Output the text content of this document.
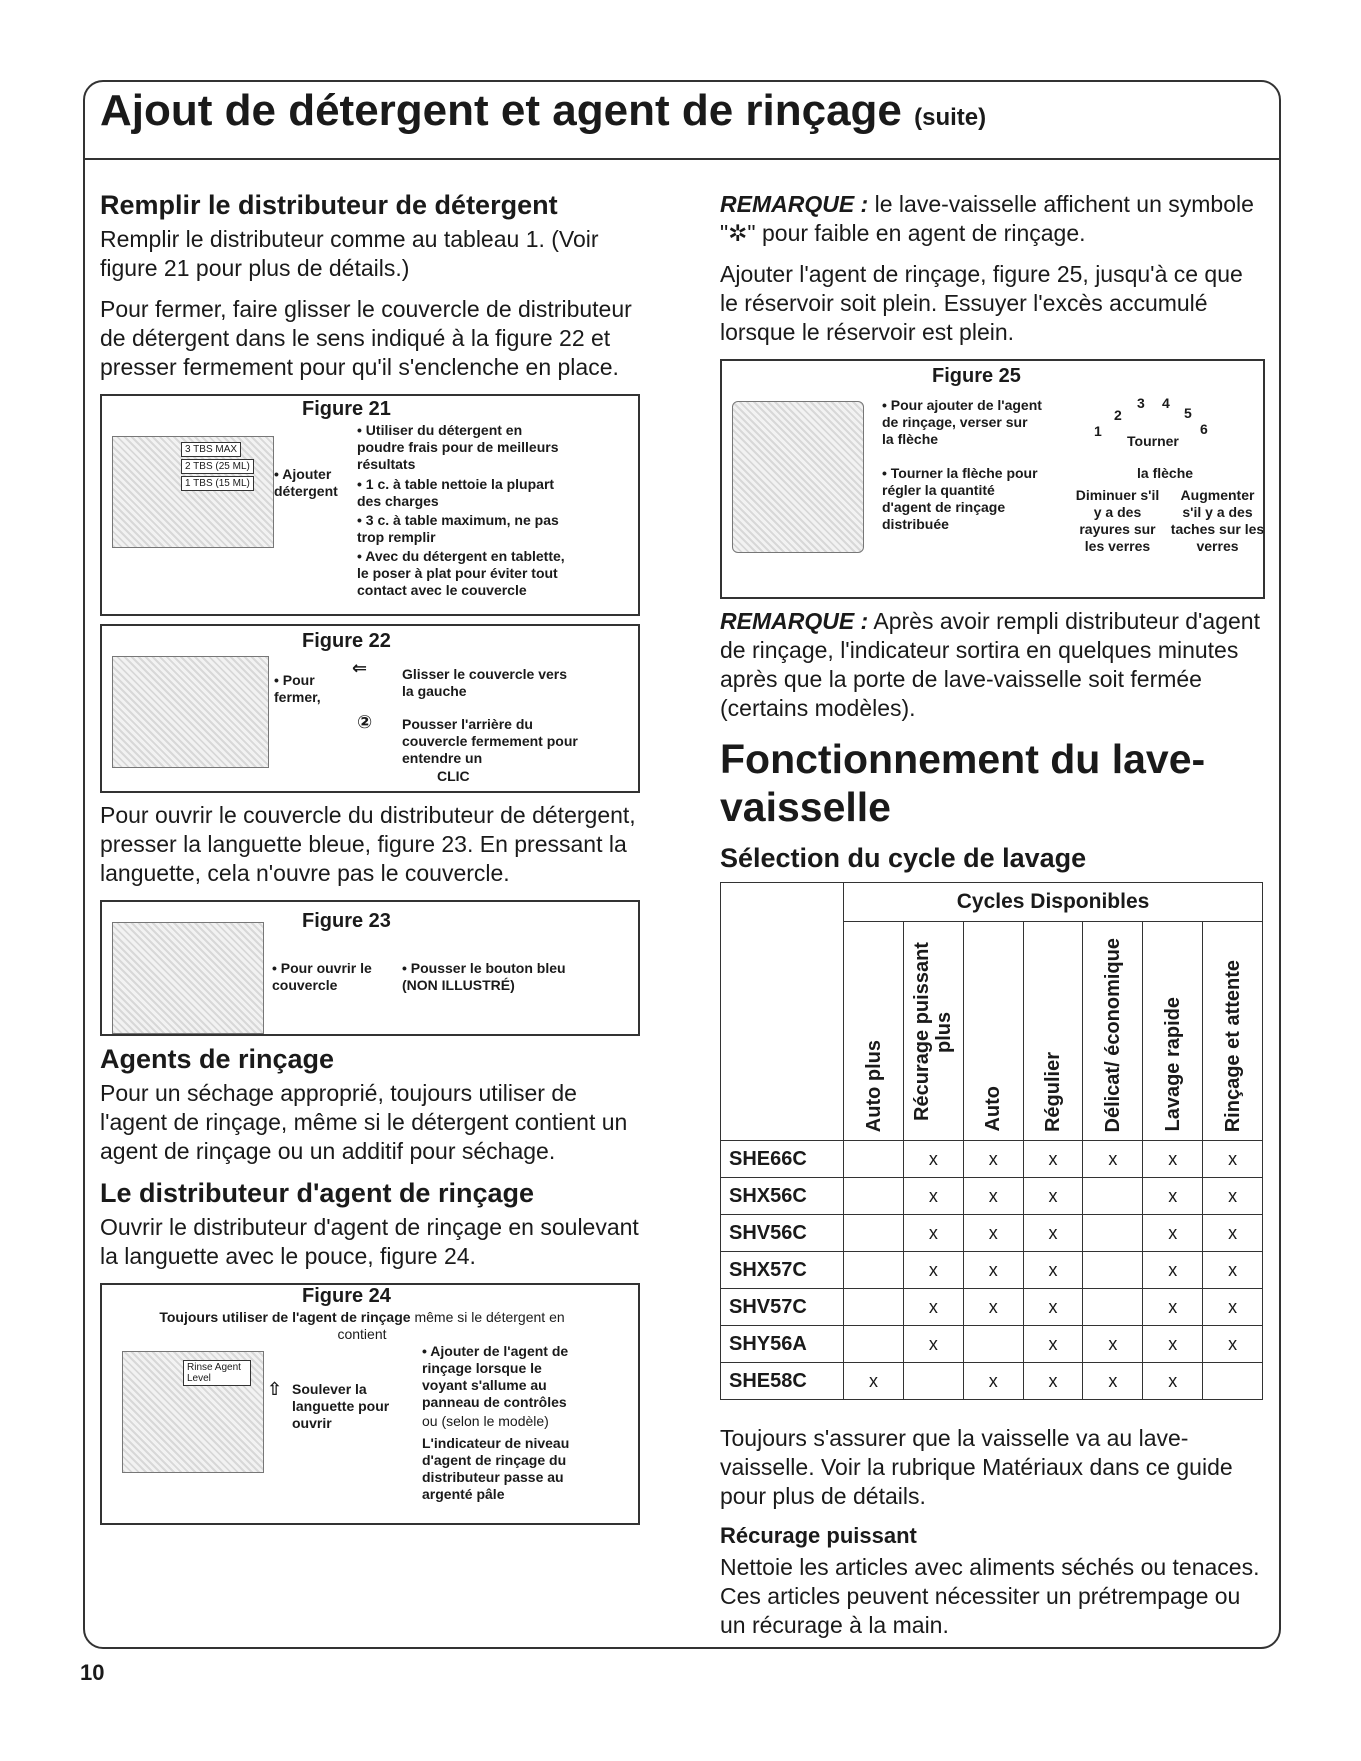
Ajout de détergent et agent de rinçage (suite)
Remplir le distributeur de détergent

Remplir le distributeur comme au tableau 1. (Voir figure 21 pour plus de détails.)

Pour fermer, faire glisser le couvercle de distributeur de détergent dans le sens indiqué à la figure 22 et presser fermement pour qu'il s'enclenche en place.

Figure 21
3 TBS MAX
2 TBS (25 ML)
1 TBS (15 ML)
• Ajouter détergent
• Utiliser du détergent en poudre frais pour de meilleurs résultats
• 1 c. à table nettoie la plupart des charges
• 3 c. à table maximum, ne pas trop remplir
• Avec du détergent en tablette, le poser à plat pour éviter tout contact avec le couvercle
Figure 22
• Pour fermer,
⇐ Glisser le couvercle vers la gauche
② Pousser l'arrière du couvercle fermement pour entendre un
CLIC

Pour ouvrir le couvercle du distributeur de détergent, presser la languette bleue, figure 23. En pressant la languette, cela n'ouvre pas le couvercle.

Figure 23
• Pour ouvrir le couvercle
• Pousser le bouton bleu (NON ILLUSTRÉ)
Agents de rinçage

Pour un séchage approprié, toujours utiliser de l'agent de rinçage, même si le détergent contient un agent de rinçage ou un additif pour séchage.

Le distributeur d'agent de rinçage

Ouvrir le distributeur d'agent de rinçage en soulevant la languette avec le pouce, figure 24.

Figure 24
Toujours utiliser de l'agent de rinçage même si le détergent en contient
Rinse Agent Level
⇧ Soulever la languette pour ouvrir
• Ajouter de l'agent de rinçage lorsque le voyant s'allume au panneau de contrôles
ou (selon le modèle)
L'indicateur de niveau d'agent de rinçage du distributeur passe au argenté pâle

REMARQUE : le lave-vaisselle affichent un symbole "✲" pour faible en agent de rinçage.

Ajouter l'agent de rinçage, figure 25, jusqu'à ce que le réservoir soit plein. Essuyer l'excès accumulé lorsque le réservoir est plein.

Figure 25
• Pour ajouter de l'agent de rinçage, verser sur la flèche
• Tourner la flèche pour régler la quantité d'agent de rinçage distribuée
2
3 4
5
6
1
Tourner
la flèche
Diminuer s'il y a des rayures sur les verres
Augmenter s'il y a des taches sur les verres

REMARQUE : Après avoir rempli distributeur d'agent de rinçage, l'indicateur sortira en quelques minutes après que la porte de lave-vaisselle soit fermée (certains modèles).

Fonctionnement du lave-vaisselle
Sélection du cycle de lavage
	Cycles Disponibles						

	Auto plus	Récurage puissant plus	Auto	Régulier	Délicat/ économique	Lavage rapide	Rinçage et attente

SHE66C		x	x	x	x	x	x
SHX56C		x	x	x		x	x
SHV56C		x	x	x		x	x
SHX57C		x	x	x		x	x
SHV57C		x	x	x		x	x
SHY56A		x		x	x	x	x
SHE58C	x		x	x	x	x	

Toujours s'assurer que la vaisselle va au lave-vaisselle. Voir la rubrique Matériaux dans ce guide pour plus de détails.

Récurage puissant

Nettoie les articles avec aliments séchés ou tenaces. Ces articles peuvent nécessiter un prétrempage ou un récurage à la main.

10
